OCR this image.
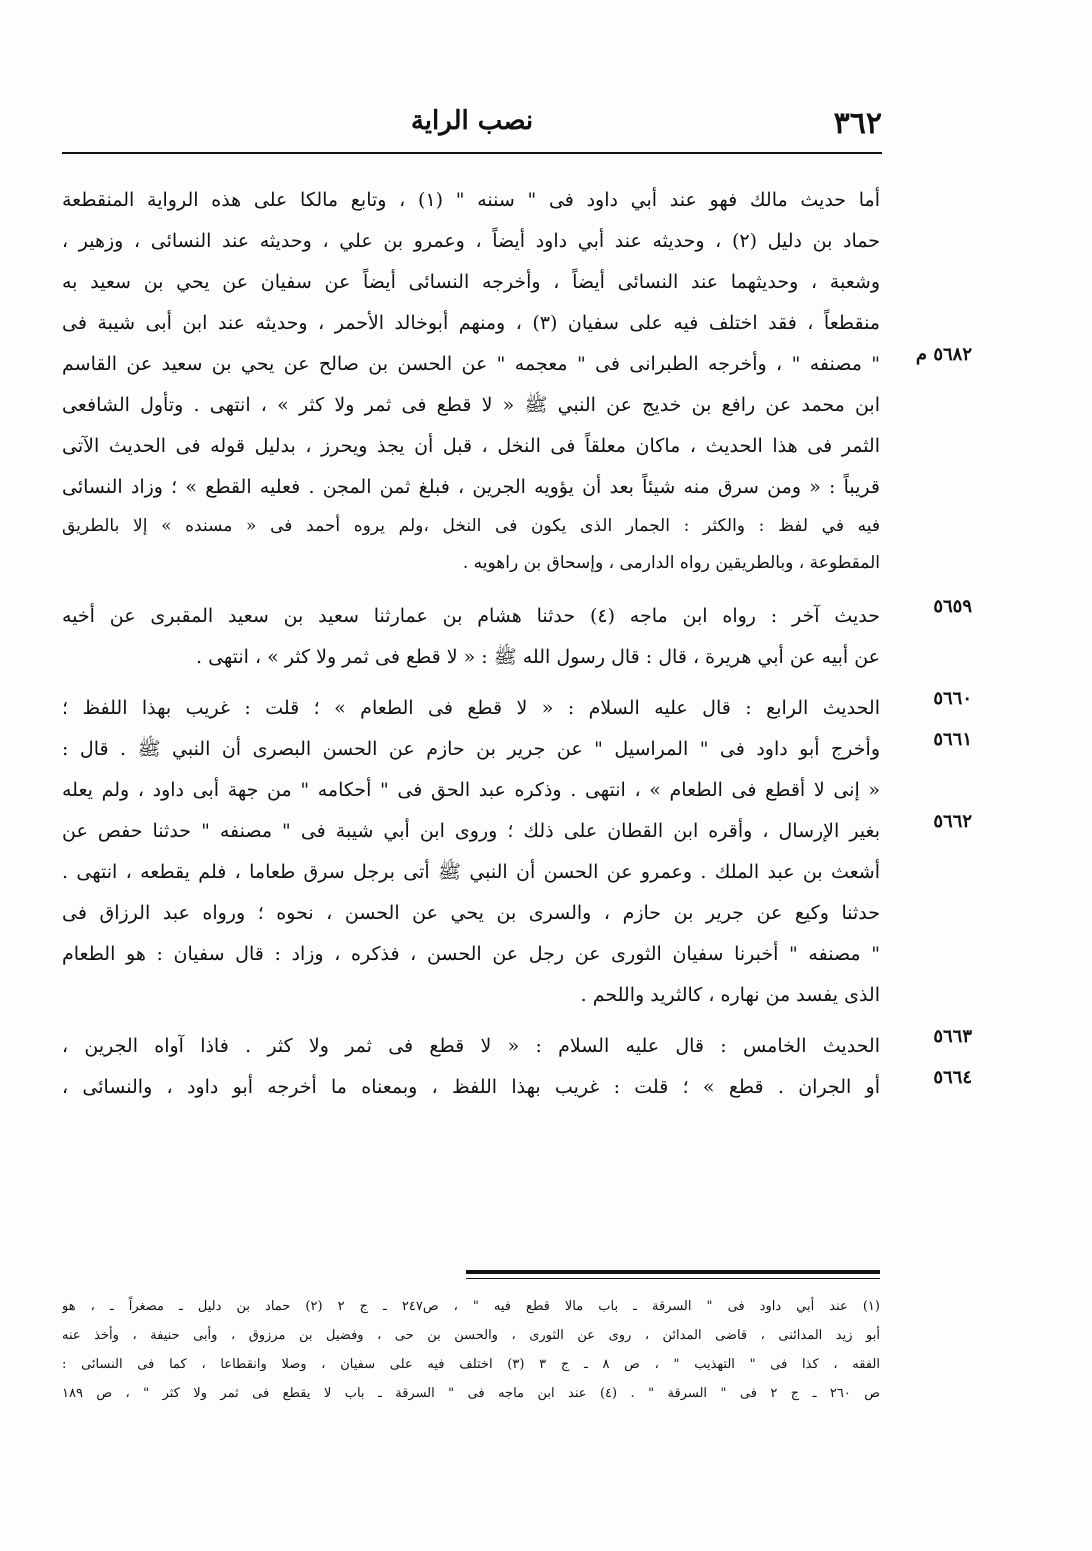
٣٦٢
نصب الراية
أما حديث مالك فهو عند أبي داود فى " سننه " (١) ، وتابع مالكا على هذه الرواية المنقطعة
حماد بن دليل (٢) ، وحديثه عند أبي داود أيضاً ، وعمرو بن علي ، وحديثه عند النسائى ، وزهير ،
وشعبة ، وحديثهما عند النسائى أيضاً ، وأخرجه النسائى أيضاً عن سفيان عن يحي بن سعيد به
منقطعاً ، فقد اختلف فيه على سفيان (٣) ، ومنهم أبوخالد الأحمر ، وحديثه عند ابن أبى شيبة فى
٥٦٨٢ م
" مصنفه " ، وأخرجه الطبرانى فى " معجمه " عن الحسن بن صالح عن يحي بن سعيد عن القاسم
ابن محمد عن رافع بن خديج عن النبي ﷺ « لا قطع فى ثمر ولا كثر » ، انتهى . وتأول الشافعى
الثمر فى هذا الحديث ، ماكان معلقاً فى النخل ، قبل أن يجذ ويحرز ، بدليل قوله فى الحديث الآتى
قريباً : « ومن سرق منه شيئاً بعد أن يؤويه الجرين ، فبلغ ثمن المجن . فعليه القطع » ؛ وزاد النسائى
فيه في لفظ : والكثر : الجمار الذى يكون فى النخل ،ولم يروه أحمد فى « مسنده » إلا بالطريق
المقطوعة ، وبالطريقين رواه الدارمى ، وإسحاق بن راهويه .
٥٦٥٩
حديث آخر : رواه ابن ماجه (٤) حدثنا هشام بن عمارثنا سعيد بن سعيد المقبرى عن أخيه
عن أبيه عن أبي هريرة ، قال : قال رسول الله ﷺ : « لا قطع فى ثمر ولا كثر » ، انتهى .
٥٦٦٠
الحديث الرابع : قال عليه السلام : « لا قطع فى الطعام » ؛ قلت : غريب بهذا اللفظ ؛
٥٦٦١
وأخرج أبو داود فى " المراسيل " عن جرير بن حازم عن الحسن البصرى أن النبي ﷺ . قال :
« إنى لا أقطع فى الطعام » ، انتهى . وذكره عبد الحق فى " أحكامه " من جهة أبى داود ، ولم يعله
٥٦٦٢
بغير الإرسال ، وأقره ابن القطان على ذلك ؛ وروى ابن أبي شيبة فى " مصنفه " حدثنا حفص عن
أشعث بن عبد الملك . وعمرو عن الحسن أن النبي ﷺ أتى برجل سرق طعاما ، فلم يقطعه ، انتهى .
حدثنا وكيع عن جرير بن حازم ، والسرى بن يحي عن الحسن ، نحوه ؛ ورواه عبد الرزاق فى
" مصنفه " أخبرنا سفيان الثورى عن رجل عن الحسن ، فذكره ، وزاد : قال سفيان : هو الطعام
الذى يفسد من نهاره ، كالثريد واللحم .
٥٦٦٣
الحديث الخامس : قال عليه السلام : « لا قطع فى ثمر ولا كثر . فاذا آواه الجرين ،
٥٦٦٤
أو الجران . قطع » ؛ قلت : غريب بهذا اللفظ ، وبمعناه ما أخرجه أبو داود ، والنسائى ،
(١) عند أبي داود فى " السرقة ـ باب مالا قطع فيه " ، ص٢٤٧ ـ ج ٢ (٢) حماد بن دليل ـ مصغراً ـ ، هو
أبو زيد المدائنى ، قاضى المدائن ، روى عن الثورى ، والحسن بن حى ، وفضيل بن مرزوق ، وأبى حنيفة ، وأخذ عنه
الفقه ، كذا فى " التهذيب " ، ص ٨ ـ ج ٣ (٣) اختلف فيه على سفيان ، وصلا وانقطاعا ، كما فى النسائى :
ص ٢٦٠ ـ ج ٢ فى " السرقة " . (٤) عند ابن ماجه فى " السرقة ـ باب لا يقطع فى ثمر ولا كثر " ، ص ١٨٩
